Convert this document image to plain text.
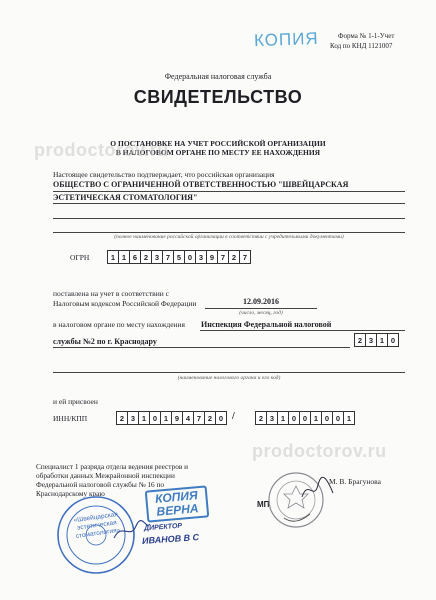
КОПИЯ	Форма № 1-1-Учет
Код по КНД 1121007
Федеральная налоговая служба
СВИДЕТЕЛЬСТВО
О ПОСТАНОВКЕ НА УЧЕТ РОССИЙСКОЙ ОРГАНИЗАЦИИ
В НАЛОГОВОМ ОРГАНЕ ПО МЕСТУ ЕЕ НАХОЖДЕНИЯ
prodoctorov.ru
Настоящее свидетельство подтверждает, что российская организация
ОБЩЕСТВО С ОГРАНИЧЕННОЙ ОТВЕТСТВЕННОСТЬЮ "ШВЕЙЦАРСКАЯ
ЭСТЕТИЧЕСКАЯ СТОМАТОЛОГИЯ"
(полное наименование российской организации в соответствии с учредительными документами)
ОГРН	1 1 6 2 3 7 5 0 3 9 7 2 7
поставлена на учет в соответствии с
Налоговым кодексом Российской Федерации	12.09.2016
(число, месяц, год)
в налоговом органе по месту нахождения Инспекция Федеральной налоговой
службы №2 по г. Краснодару	2 3 1 0
(наименование налогового органа и его код)
и ей присвоен
ИНН/КПП	2 3 1 0 1 9 4 7 2 0 /	2 3 1 0 0 1 0 0 1
prodoctorov.ru
Специалист 1 разряда отдела ведения реестров и
обработки данных Межрайонной инспекции
Федеральной налоговой службы № 16 по
Краснодарскому краю
МП
М. В. Брагунова
«Швейцарская эстетическая стоматология»
КОПИЯ
ВЕРНА
ДИРЕКТОР
ИВАНОВ В С
